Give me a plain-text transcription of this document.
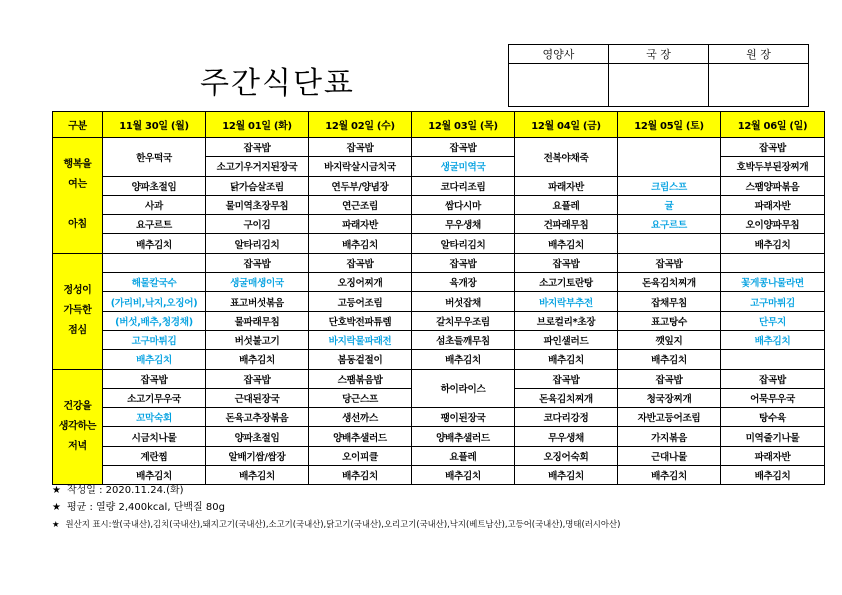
주간식단표
영양사	국 장	원 장

구분	11월 30일 (월)	12월 01일 (화)	12월 02일 (수)	12월 03일 (목)	12월 04일 (금)	12월 05일 (토)	12월 06일 (일)

행복을
여는

아침	한우떡국	잡곡밥	잡곡밥	잡곡밥	전복야채죽		잡곡밥
		소고기우거지된장국	바지락살시금치국	생굴미역국			호박두부된장찌개
	양파초절임	닭가슴살조림	연두부/양념장	코다리조림	파래자반	크림스프	스팸양파볶음
	사과	물미역초장무침	연근조림	쌈다시마	요플레	귤	파래자반
	요구르트	구이김	파래자반	무우생채	건파래무침	요구르트	오이양파무침
	배추김치	알타리김치	배추김치	알타리김치	배추김치		배추김치

정성이
가득한
점심		잡곡밥	잡곡밥	잡곡밥	잡곡밥	잡곡밥	
	해물칼국수	생굴매생이국	오징어찌개	육개장	소고기토란탕	돈육김치찌개	꽃게콩나물라면
	(가리비,낙지,오징어)	표고버섯볶음	고등어조림	버섯잡채	바지락부추전	잡채무침	고구마튀김
	(버섯,배추,청경채)	물파래무침	단호박전파튜렘	갈치무우조림	브로컬리*초장	표고탕수	단무지
	고구마튀김	버섯불고기	바지락물파래전	섬초들깨무침	파인샐러드	깻잎지	배추김치
	배추김치	배추김치	봄동겉절이	배추김치	배추김치	배추김치	

건강을
생각하는
저녁	잡곡밥	잡곡밥	스팸볶음밥	하이라이스	잡곡밥	잡곡밥	잡곡밥
	소고기무우국	근대된장국	당근스프		돈육김치찌개	청국장찌개	어묵무우국
	꼬막숙회	돈육고추장볶음	생선까스	팽이된장국	코다리강정	자반고등어조림	탕수육
	시금치나물	양파초절임	양배추샐러드	양배추샐러드	무우생채	가지볶음	미역줄기나물
	계란찜	알배기쌈/쌈장	오이피클	요플레	오징어숙회	근대나물	파래자반
	배추김치	배추김치	배추김치	배추김치	배추김치	배추김치	배추김치
★ 작성일 : 2020.11.24.(화)
★ 평균 : 열량 2,400kcal, 단백질 80g
★ 원산지 표시:쌀(국내산),김치(국내산),돼지고기(국내산),소고기(국내산),닭고기(국내산),오리고기(국내산),낙지(베트남산),고등어(국내산),명태(러시아산)
